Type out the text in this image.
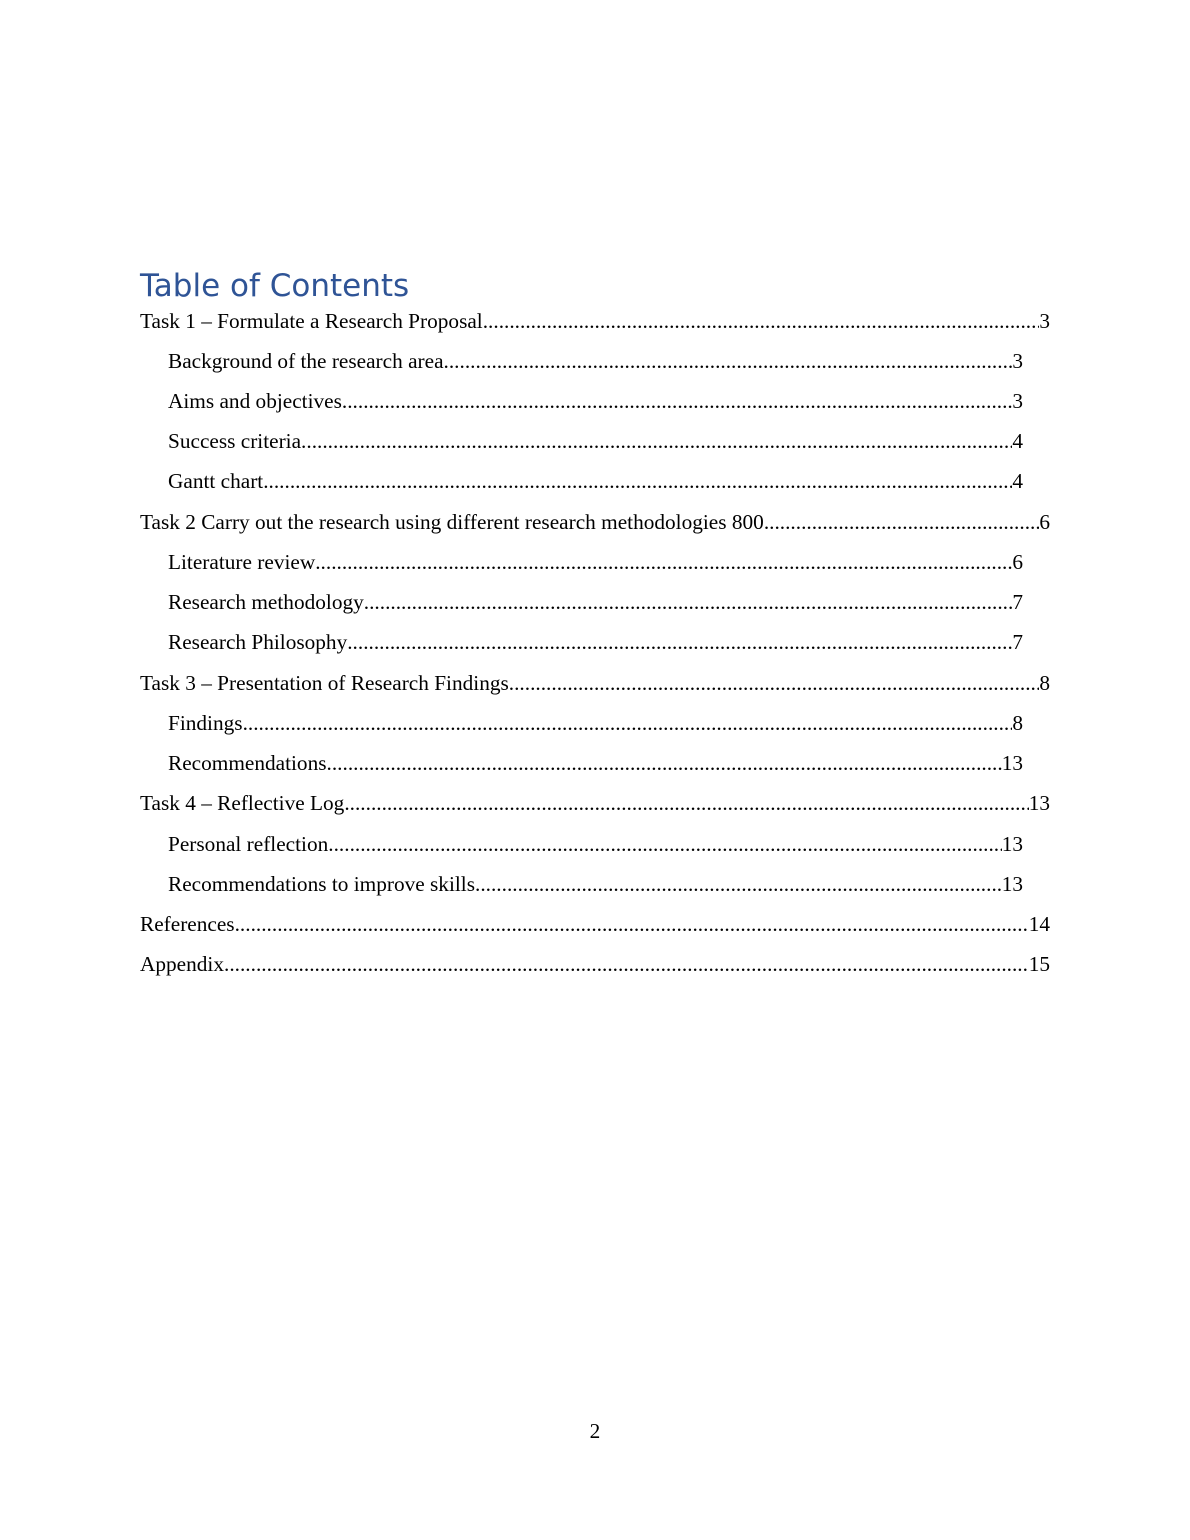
Table of Contents
Task 1 – Formulate a Research Proposal .....	3
Background of the research area .....	3
Aims and objectives .....	3
Success criteria .....	4
Gantt chart .....	4
Task 2 Carry out the research using different research methodologies 800 .....	6
Literature review .....	6
Research methodology .....	7
Research Philosophy .....	7
Task 3 – Presentation of Research Findings .....	8
Findings .....	8
Recommendations .....	13
Task 4 – Reflective Log .....	13
Personal reflection .....	13
Recommendations to improve skills .....	13
References .....	14
Appendix .....	15
2
